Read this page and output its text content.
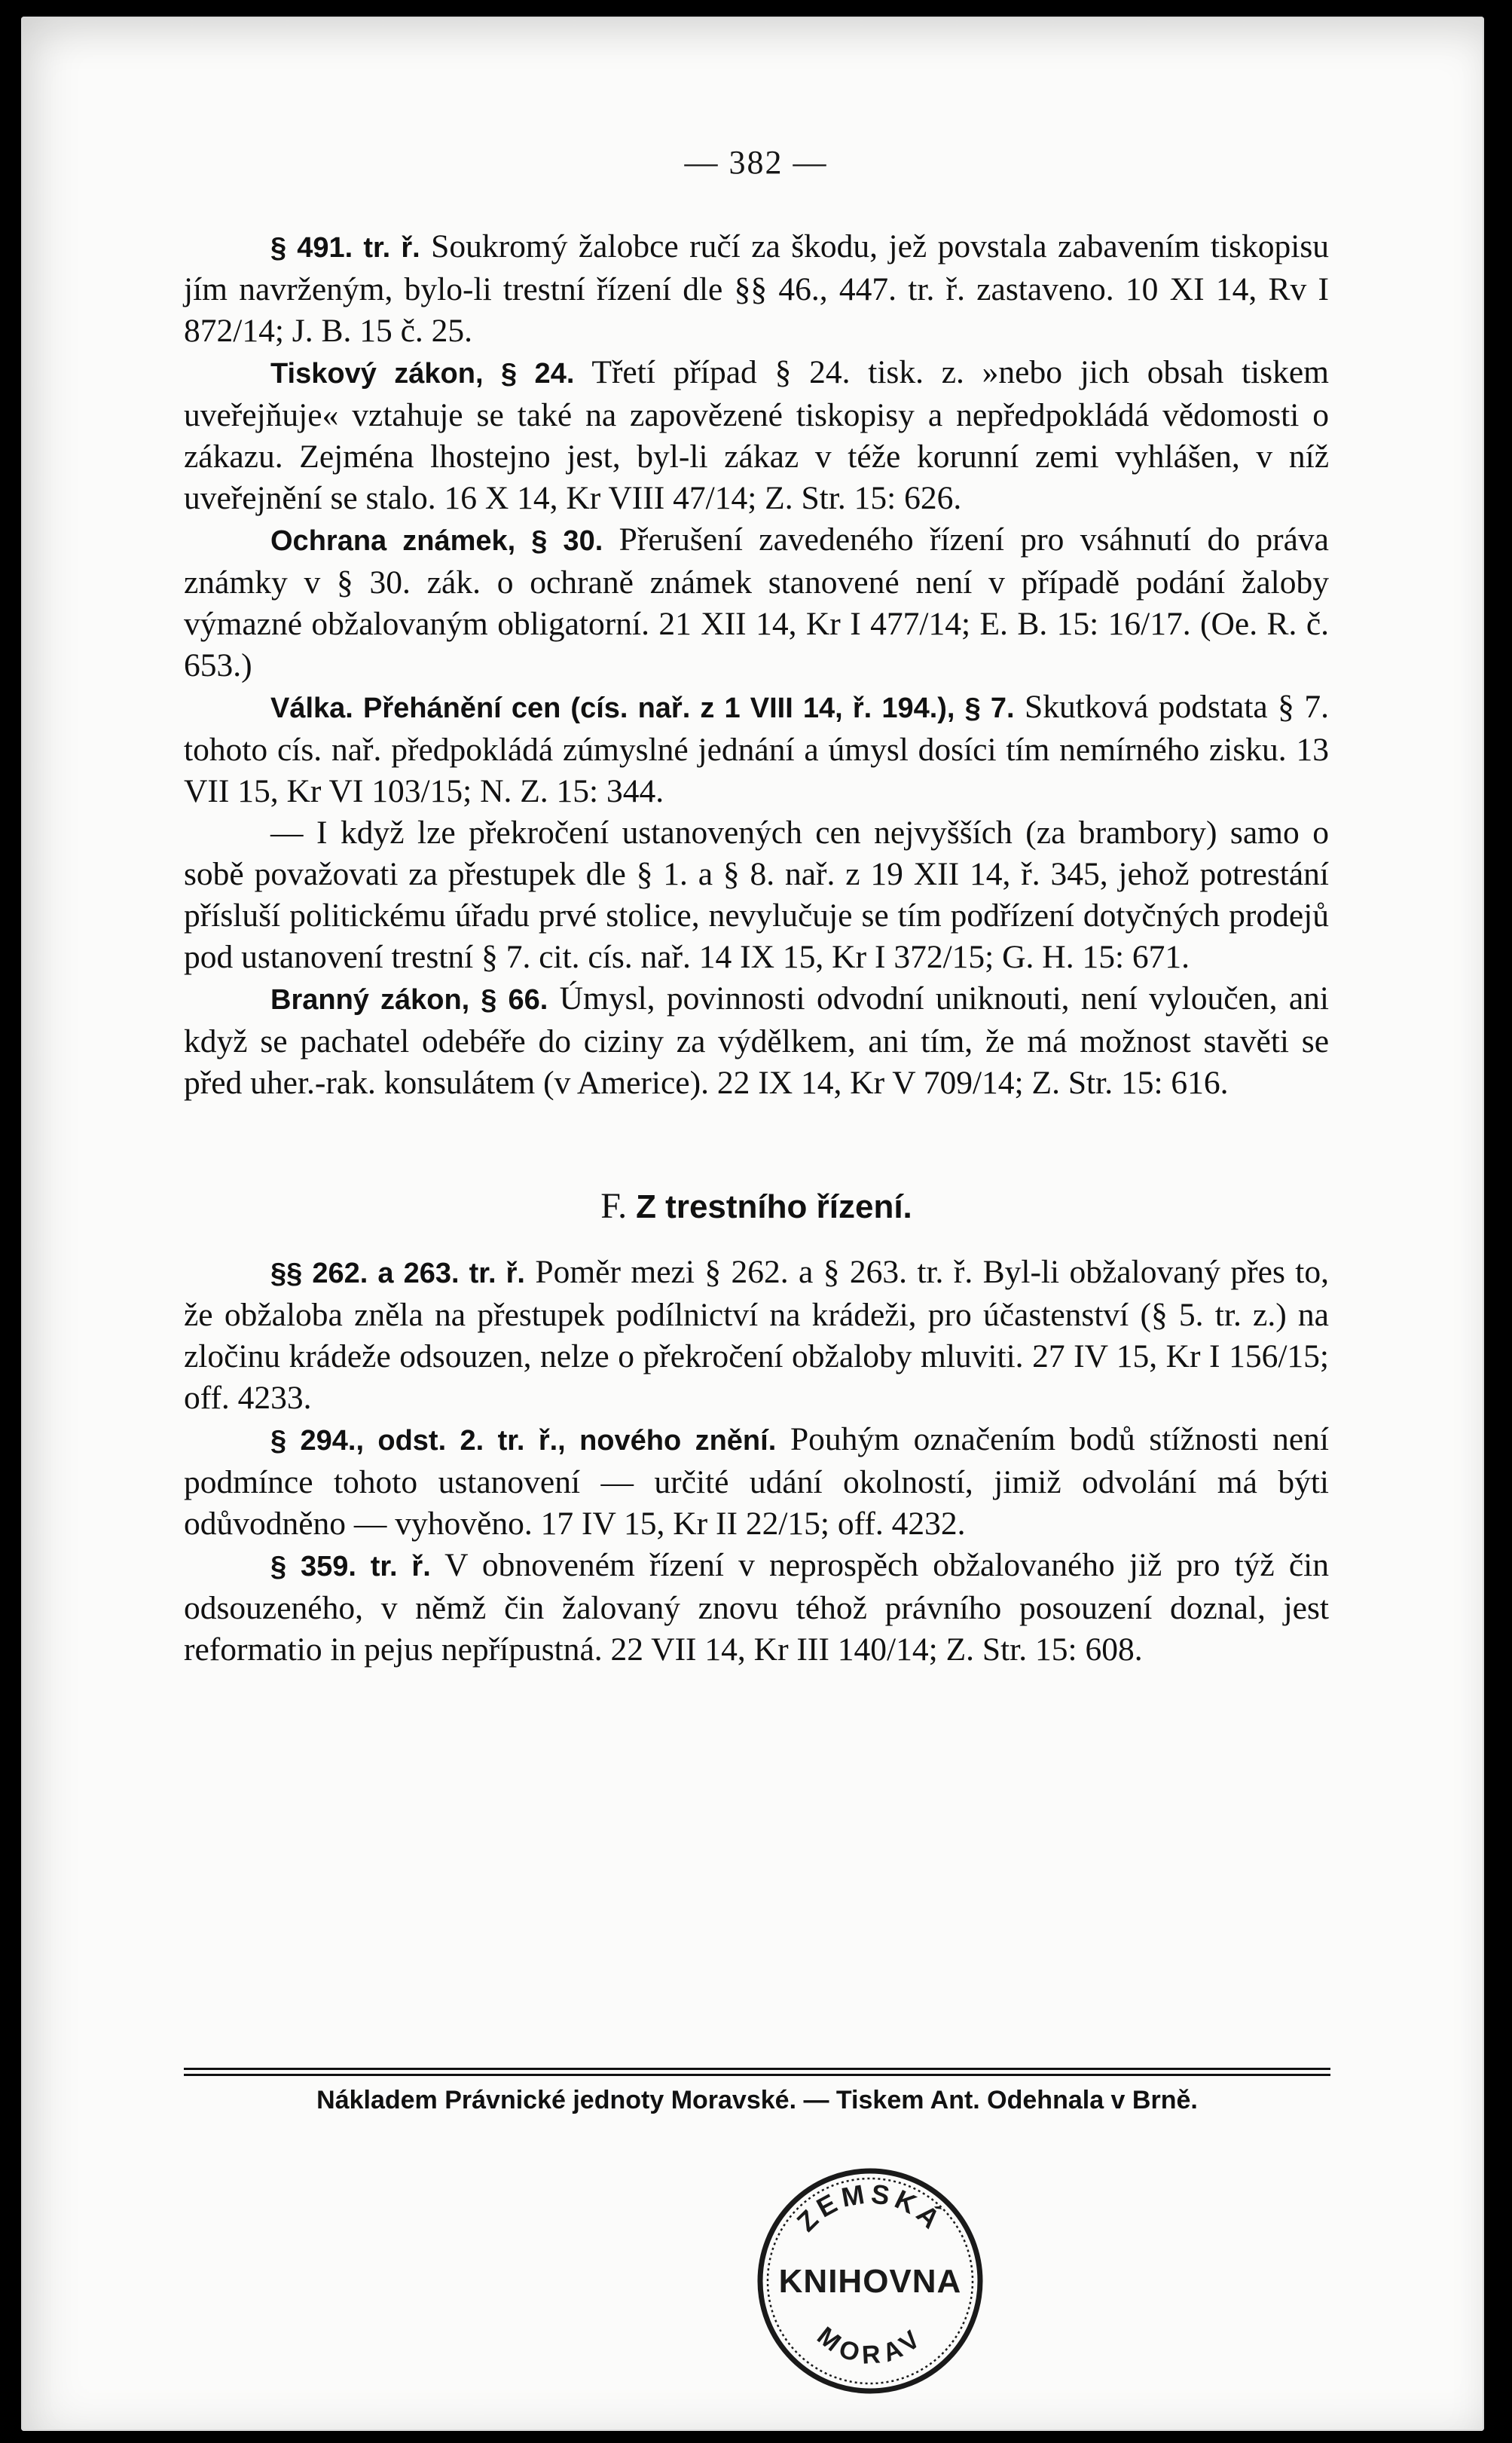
— 382 —

§ 491. tr. ř. Soukromý žalobce ručí za škodu, jež povstala zabavením tiskopisu jím navrženým, bylo-li trestní řízení dle §§ 46., 447. tr. ř. zastaveno. 10 XI 14, Rv I 872/14; J. B. 15 č. 25.

Tiskový zákon, § 24. Třetí případ § 24. tisk. z. »nebo jich obsah tiskem uveřejňuje« vztahuje se také na zapovězené tiskopisy a nepředpokládá vědomosti o zákazu. Zejména lhostejno jest, byl-li zákaz v téže korunní zemi vyhlášen, v níž uveřejnění se stalo. 16 X 14, Kr VIII 47/14; Z. Str. 15: 626.

Ochrana známek, § 30. Přerušení zavedeného řízení pro vsáhnutí do práva známky v § 30. zák. o ochraně známek stanovené není v případě podání žaloby výmazné obžalovaným obligatorní. 21 XII 14, Kr I 477/14; E. B. 15: 16/17. (Oe. R. č. 653.)

Válka. Přehánění cen (cís. nař. z 1 VIII 14, ř. 194.), § 7. Skutková podstata § 7. tohoto cís. nař. předpokládá zúmyslné jednání a úmysl dosíci tím nemírného zisku. 13 VII 15, Kr VI 103/15; N. Z. 15: 344.

— I když lze překročení ustanovených cen nejvyšších (za brambory) samo o sobě považovati za přestupek dle § 1. a § 8. nař. z 19 XII 14, ř. 345, jehož potrestání přísluší politickému úřadu prvé stolice, nevylučuje se tím podřízení dotyčných prodejů pod ustanovení trestní § 7. cit. cís. nař. 14 IX 15, Kr I 372/15; G. H. 15: 671.

Branný zákon, § 66. Úmysl, povinnosti odvodní uniknouti, není vyloučen, ani když se pachatel odebéře do ciziny za výdělkem, ani tím, že má možnost stavěti se před uher.-rak. konsulátem (v Americe). 22 IX 14, Kr V 709/14; Z. Str. 15: 616.

F. Z trestního řízení.

§§ 262. a 263. tr. ř. Poměr mezi § 262. a § 263. tr. ř. Byl-li obžalovaný přes to, že obžaloba zněla na přestupek podílnictví na krádeži, pro účastenství (§ 5. tr. z.) na zločinu krádeže odsouzen, nelze o překročení obžaloby mluviti. 27 IV 15, Kr I 156/15; off. 4233.

§ 294., odst. 2. tr. ř., nového znění. Pouhým označením bodů stížnosti není podmínce tohoto ustanovení — určité udání okolností, jimiž odvolání má býti odůvodněno — vyhověno. 17 IV 15, Kr II 22/15; off. 4232.

§ 359. tr. ř. V obnoveném řízení v neprospěch obžalovaného již pro týž čin odsouzeného, v němž čin žalovaný znovu téhož právního posouzení doznal, jest reformatio in pejus nepřípustná. 22 VII 14, Kr III 140/14; Z. Str. 15: 608.

Nákladem Právnické jednoty Moravské. — Tiskem Ant. Odehnala v Brně.
ZEMSKÁ
KNIHOVNA
MORAV
